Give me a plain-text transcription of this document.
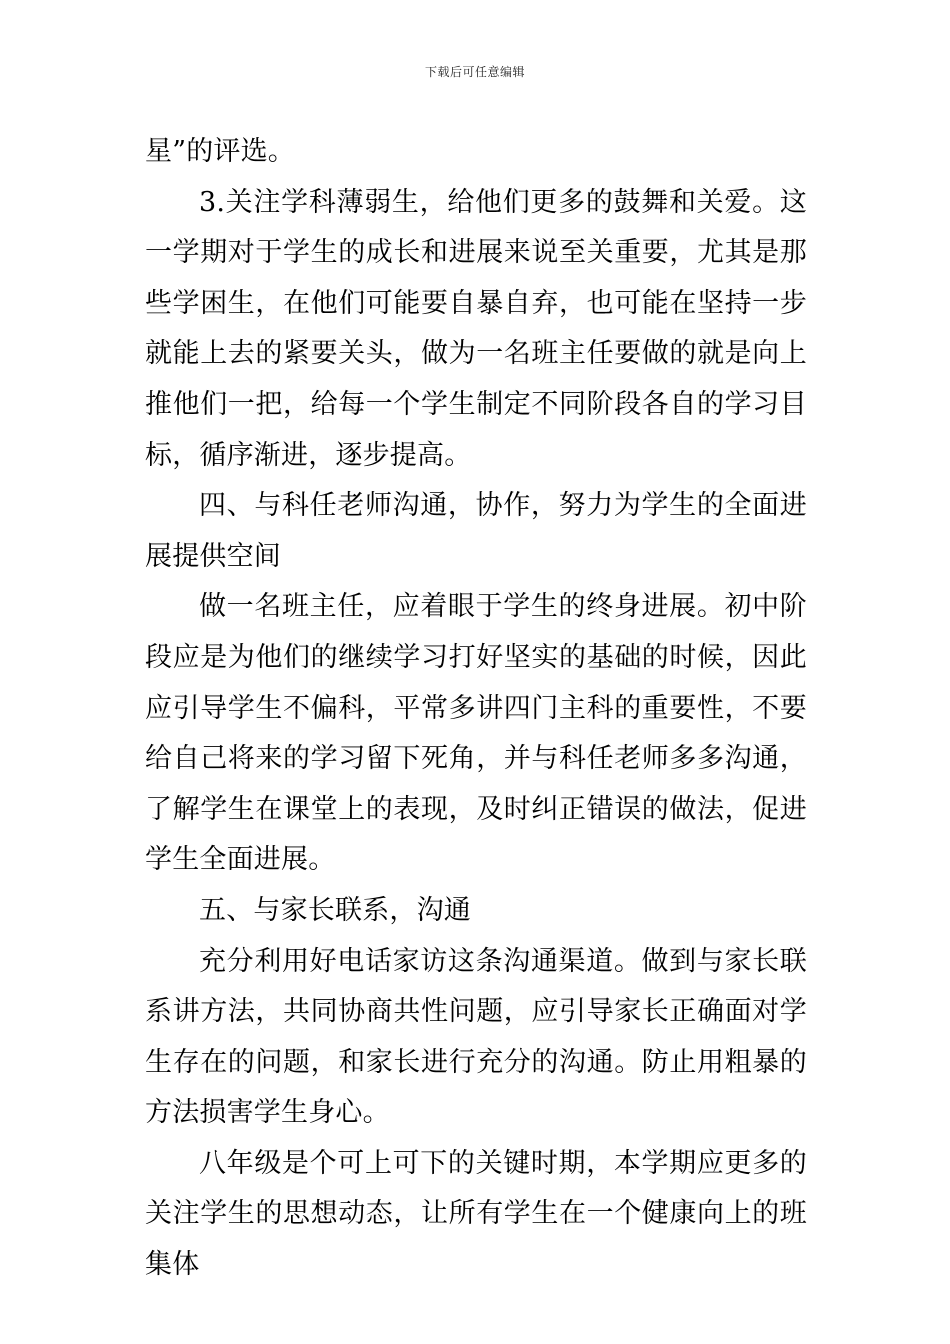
下载后可任意编辑

星”的评选。

3.关注学科薄弱生，给他们更多的鼓舞和关爱。这一学期对于学生的成长和进展来说至关重要，尤其是那些学困生，在他们可能要自暴自弃，也可能在坚持一步就能上去的紧要关头，做为一名班主任要做的就是向上推他们一把，给每一个学生制定不同阶段各自的学习目标，循序渐进，逐步提高。

四、与科任老师沟通，协作，努力为学生的全面进展提供空间

做一名班主任，应着眼于学生的终身进展。初中阶段应是为他们的继续学习打好坚实的基础的时候，因此应引导学生不偏科，平常多讲四门主科的重要性，不要给自己将来的学习留下死角，并与科任老师多多沟通，了解学生在课堂上的表现，及时纠正错误的做法，促进学生全面进展。

五、与家长联系，沟通

充分利用好电话家访这条沟通渠道。做到与家长联系讲方法，共同协商共性问题，应引导家长正确面对学生存在的问题，和家长进行充分的沟通。防止用粗暴的方法损害学生身心。

八年级是个可上可下的关键时期，本学期应更多的关注学生的思想动态，让所有学生在一个健康向上的班集体
